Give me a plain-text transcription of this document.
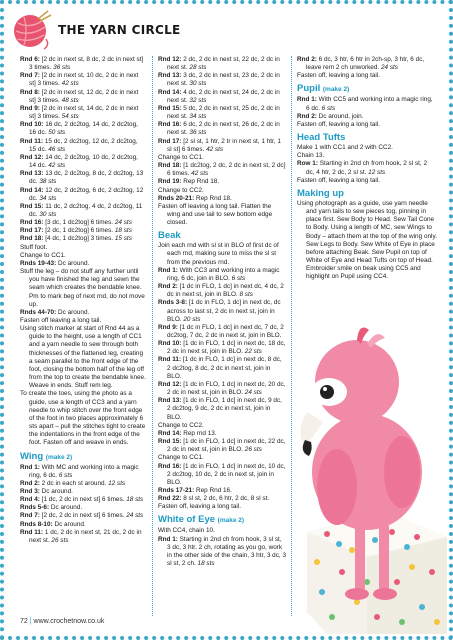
THE YARN CIRCLE
Rnd 6: [2 dc in next st, 8 dc, 2 dc in next st] 3 times. 36 sts
Rnd 7: [2 dc in next st, 10 dc, 2 dc in next st] 3 times. 42 sts
Rnd 8: [2 dc in next st, 12 dc, 2 dc in next st] 3 times. 48 sts
Rnd 9: [2 dc in next st, 14 dc, 2 dc in next st] 3 times. 54 sts
Rnd 10: 16 dc, 2 dc2tog, 14 dc, 2 dc2tog, 16 dc. 50 sts
Rnd 11: 15 dc, 2 dc2tog, 12 dc, 2 dc2tog, 15 dc. 46 sts
Rnd 12: 14 dc, 2 dc2tog, 10 dc, 2 dc2tog, 14 dc. 42 sts
Rnd 13: 13 dc, 2 dc2tog, 8 dc, 2 dc2tog, 13 dc. 38 sts
Rnd 14: 12 dc, 2 dc2tog, 6 dc, 2 dc2tog, 12 dc. 34 sts
Rnd 15: 11 dc, 2 dc2tog, 4 dc, 2 dc2tog, 11 dc. 30 sts
Rnd 16: [3 dc, 1 dc2tog] 6 times. 24 sts
Rnd 17: [2 dc, 1 dc2tog] 6 times. 18 sts
Rnd 18: [4 dc, 1 dc2tog] 3 times. 15 sts
Stuff foot.
Change to CC1.
Rnds 19-43: Dc around.
Stuff the leg – do not stuff any further until you have finished the leg and sewn the seam which creates the bendable knee. Pm to mark beg of next rnd, do not move up.
Rnds 44-70: Dc around.
Fasten off leaving a long tail.
Using stitch marker at start of Rnd 44 as a guide to the height, use a length of CC1 and a yarn needle to sew through both thicknesses of the flattened leg, creating a seam parallel to the front edge of the foot, closing the bottom half of the leg off from the top to create the bendable knee. Weave in ends. Stuff rem leg.
To create the toes, using the photo as a guide, use a length of CC3 and a yarn needle to whip stitch over the front edge of the foot in two places approximately 6 sts apart – pull the stitches tight to create the indentations in the front edge of the foot. Fasten off and weave in ends.
Wing (make 2)
Rnd 1: With MC and working into a magic ring, 6 dc. 6 sts
Rnd 2: 2 dc in each st around. 12 sts
Rnd 3: Dc around.
Rnd 4: [1 dc, 2 dc in next st] 6 times. 18 sts
Rnds 5-6: Dc around.
Rnd 7: [2 dc, 2 dc in next st] 6 times. 24 sts
Rnds 8-10: Dc around.
Rnd 11: 1 dc, 2 dc in next st, 21 dc, 2 dc in next st. 26 sts
Rnd 12: 2 dc, 2 dc in next st, 22 dc, 2 dc in next st. 28 sts
Rnd 13: 3 dc, 2 dc in next st, 23 dc, 2 dc in next st. 30 sts
Rnd 14: 4 dc, 2 dc in next st, 24 dc, 2 dc in next st. 32 sts
Rnd 15: 5 dc, 2 dc in next st, 25 dc, 2 dc in next st. 34 sts
Rnd 16: 6 dc, 2 dc in next st, 26 dc, 2 dc in next st. 36 sts
Rnd 17: [2 sl st, 1 htr, 2 tr in next st, 1 htr, 1 sl st] 6 times. 42 sts
Change to CC1.
Rnd 18: [1 dc2tog, 2 dc, 2 dc in next st, 2 dc] 6 times. 42 sts
Rnd 19: Rep Rnd 18.
Change to CC2.
Rnds 20-21: Rep Rnd 18.
Fasten off leaving a long tail. Flatten the wing and use tail to sew bottom edge closed.
Beak
Join each rnd with sl st in BLO of first dc of each rnd, making sure to miss the sl st from the previous rnd.
Rnd 1: With CC3 and working into a magic ring, 6 dc, join in BLO. 6 sts
Rnd 2: [1 dc in FLO, 1 dc] in next dc, 4 dc, 2 dc in next st, join in BLO. 8 sts
Rnds 3-8: [1 dc in FLO, 1 dc] in next dc, dc across to last st, 2 dc in next st, join in BLO. 20 sts
Rnd 9: [1 dc in FLO, 1 dc] in next dc, 7 dc, 2 dc2tog, 7 dc, 2 dc in next st, join in BLO.
Rnd 10: [1 dc in FLO, 1 dc] in next dc, 18 dc, 2 dc in next st, join in BLO. 22 sts
Rnd 11: [1 dc in FLO, 1 dc] in next dc, 8 dc, 2 dc2tog, 8 dc, 2 dc in next st, join in BLO.
Rnd 12: [1 dc in FLO, 1 dc] in next dc, 20 dc, 2 dc in next st, join in BLO. 24 sts
Rnd 13: [1 dc in FLO, 1 dc] in next dc, 9 dc, 2 dc2tog, 9 dc, 2 dc in next st, join in BLO.
Change to CC2.
Rnd 14: Rep rnd 13.
Rnd 15: [1 dc in FLO, 1 dc] in next dc, 22 dc, 2 dc in next st, join in BLO. 26 sts
Change to CC1.
Rnd 16: [1 dc in FLO, 1 dc] in next dc, 10 dc, 2 dc2tog, 10 dc, 2 dc in next st, join in BLO.
Rnds 17-21: Rep Rnd 16.
Rnd 22: 8 sl st, 2 dc, 6 htr, 2 dc, 8 sl st.
Fasten off, leaving a long tail.
White of Eye (make 2)
With CC4, chain 10.
Rnd 1: Starting in 2nd ch from hook, 3 sl st, 3 dc, 3 htr, 2 ch, rotating as you go, work in the other side of the chain, 3 htr, 3 dc, 3 sl st, 2 ch. 18 sts
Rnd 2: 6 dc, 3 htr, 6 htr in 2ch-sp, 3 htr, 6 dc, leave rem 2 ch unworked. 24 sts
Fasten off, leaving a long tail.
Pupil (make 2)
Rnd 1: With CC5 and working into a magic ring, 6 dc. 6 sts
Rnd 2: Dc around, join.
Fasten off, leaving a long tail.
Head Tufts
Make 1 with CC1 and 2 with CC2.
Chain 13.
Row 1: Starting in 2nd ch from hook, 2 sl st, 2 dc, 4 htr, 2 dc, 2 sl st. 12 sts
Fasten off, leaving a long tail.
Making up
Using photograph as a guide, use yarn needle and yarn tails to sew pieces tog, pinning in place first. Sew Body to Head. Sew Tail Cone to Body. Using a length of MC, sew Wings to Body – attach them at the top of the wing only. Sew Legs to Body. Sew White of Eye in place before attaching Beak. Sew Pupil on top of White of Eye and Head Tufts on top of Head. Embroider smile on beak using CC5 and highlight on Pupil using CC4.
72 | www.crochetnow.co.uk
